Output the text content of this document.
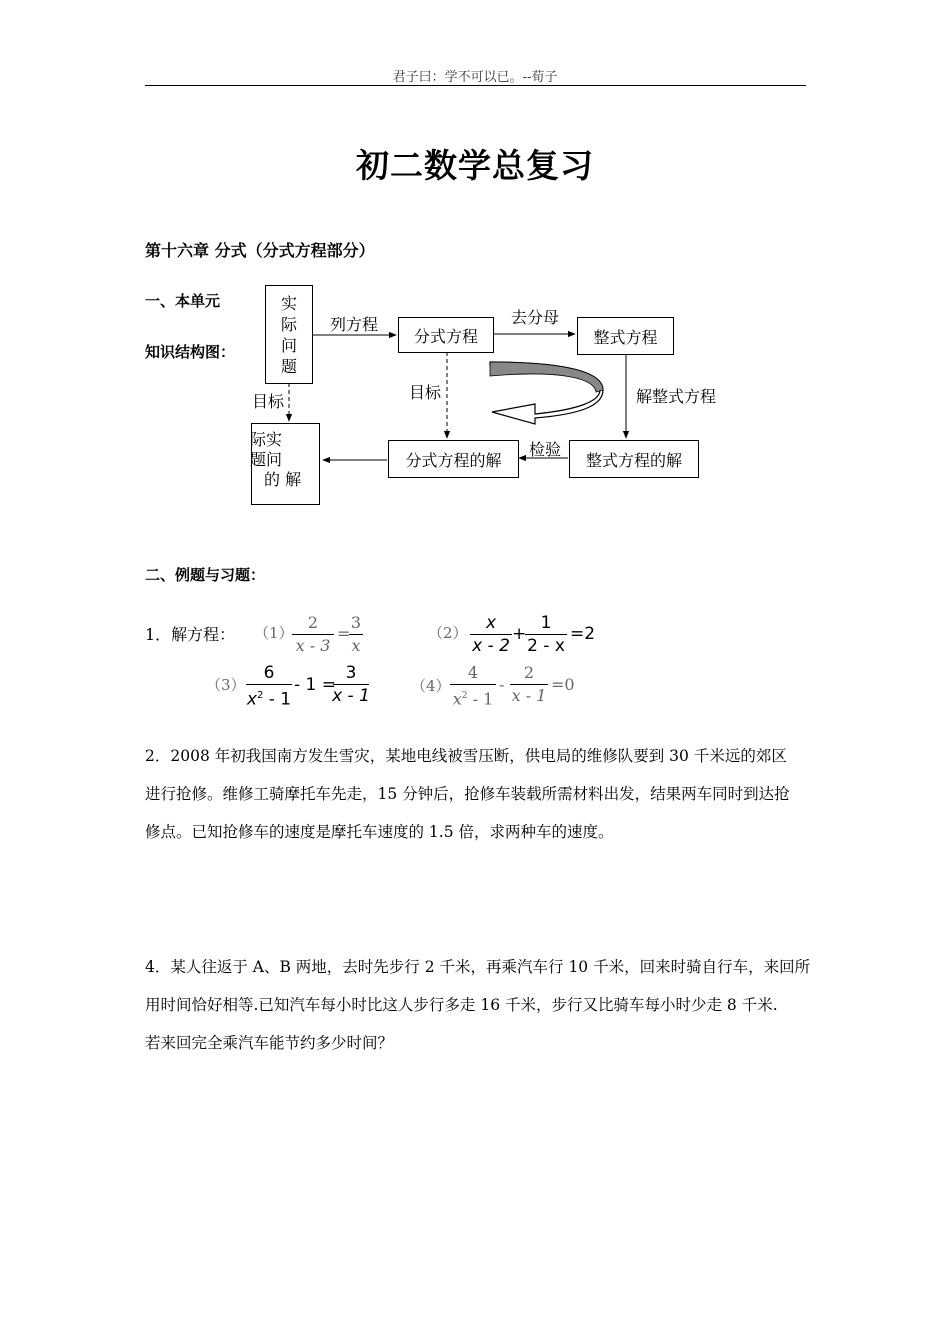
君子曰：学不可以已。--荀子
初二数学总复习
第十六章 分式（分式方程部分）
一、本单元
知识结构图：
实
际
问
题
分式方程	整式方程
分式方程的解	整式方程的解
际实
题问
的 解
列方程	去分母
解整式方程
检验
目标	目标
二、例题与习题：
1．解方程： （1）
2
x - 3
=
3
x
（2） x
x - 2
+
1
2 - x
=2
（3）
6
$x^2 - 1$
- 1 =
3
x - 1	（4）
4
$x^2 - 1$
-
2
x - 1
=0
2．2008 年初我国南方发生雪灾，某地电线被雪压断，供电局的维修队要到 30 千米远的郊区
进行抢修。维修工骑摩托车先走，15 分钟后，抢修车装载所需材料出发，结果两车同时到达抢
修点。已知抢修车的速度是摩托车速度的 1.5 倍，求两种车的速度。
4．某人往返于 A、B 两地，去时先步行 2 千米，再乘汽车行 10 千米，回来时骑自行车，来回所
用时间恰好相等.已知汽车每小时比这人步行多走 16 千米，步行又比骑车每小时少走 8 千米.
若来回完全乘汽车能节约多少时间？
